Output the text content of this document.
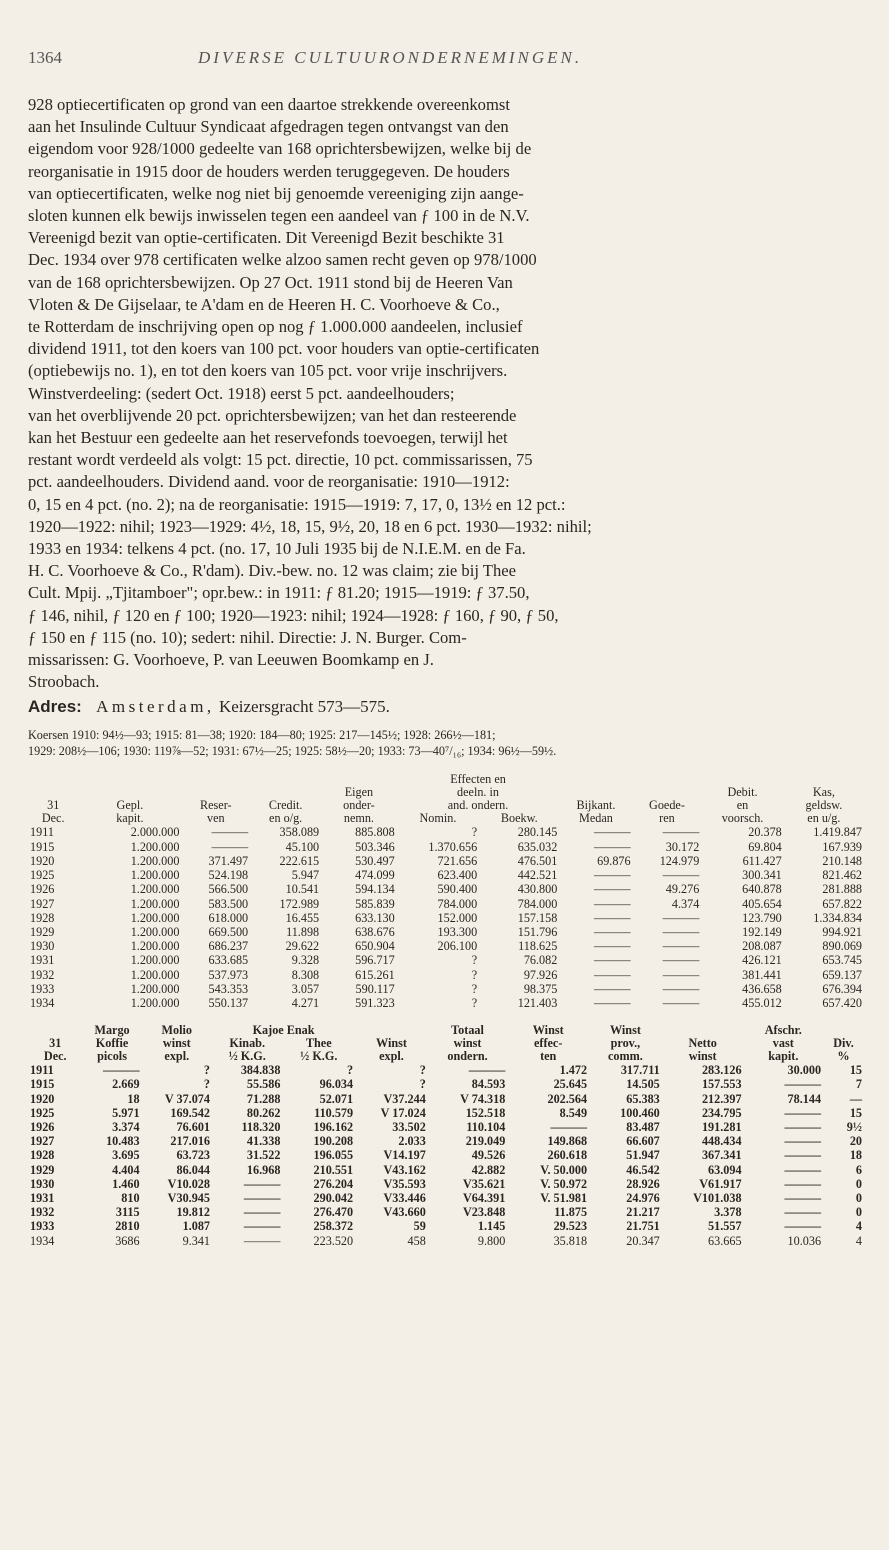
1364	DIVERSE CULTUURONDERNEMINGEN.
928 optiecertificaten op grond van een daartoe strekkende overeenkomst
aan het Insulinde Cultuur Syndicaat afgedragen tegen ontvangst van den
eigendom voor 928/1000 gedeelte van 168 oprichtersbewijzen, welke bij de
reorganisatie in 1915 door de houders werden teruggegeven. De houders
van optiecertificaten, welke nog niet bij genoemde vereeniging zijn aange-
sloten kunnen elk bewijs inwisselen tegen een aandeel van ƒ 100 in de N.V.
Vereenigd bezit van optie-certificaten. Dit Vereenigd Bezit beschikte 31
Dec. 1934 over 978 certificaten welke alzoo samen recht geven op 978/1000
van de 168 oprichtersbewijzen. Op 27 Oct. 1911 stond bij de Heeren Van
Vloten & De Gijselaar, te A'dam en de Heeren H. C. Voorhoeve & Co.,
te Rotterdam de inschrijving open op nog ƒ 1.000.000 aandeelen, inclusief
dividend 1911, tot den koers van 100 pct. voor houders van optie-certificaten
(optiebewijs no. 1), en tot den koers van 105 pct. voor vrije inschrijvers.
Winstverdeeling: (sedert Oct. 1918) eerst 5 pct. aandeelhouders;
van het overblijvende 20 pct. oprichtersbewijzen; van het dan resteerende
kan het Bestuur een gedeelte aan het reservefonds toevoegen, terwijl het
restant wordt verdeeld als volgt: 15 pct. directie, 10 pct. commissarissen, 75
pct. aandeelhouders. Dividend aand. voor de reorganisatie: 1910—1912:
0, 15 en 4 pct. (no. 2); na de reorganisatie: 1915—1919: 7, 17, 0, 13½ en 12 pct.:
1920—1922: nihil; 1923—1929: 4½, 18, 15, 9½, 20, 18 en 6 pct. 1930—1932: nihil;
1933 en 1934: telkens 4 pct. (no. 17, 10 Juli 1935 bij de N.I.E.M. en de Fa.
H. C. Voorhoeve & Co., R'dam). Div.-bew. no. 12 was claim; zie bij Thee
Cult. Mpij. „Tjitamboer"; opr.bew.: in 1911: ƒ 81.20; 1915—1919: ƒ 37.50,
ƒ 146, nihil, ƒ 120 en ƒ 100; 1920—1923: nihil; 1924—1928: ƒ 160, ƒ 90, ƒ 50,
ƒ 150 en ƒ 115 (no. 10); sedert: nihil. Directie: J. N. Burger. Com-
missarissen: G. Voorhoeve, P. van Leeuwen Boomkamp en J.
Stroobach.
Adres: Amsterdam, Keizersgracht 573—575.
Koersen 1910: 94½—93; 1915: 81—38; 1920: 184—80; 1925: 217—145½; 1928: 266½—181;
1929: 208½—106; 1930: 119⅞—52; 1931: 67½—25; 1925: 58½—20; 1933: 73—40⁷/₁₆; 1934: 96½—59½.
					Effecten en					
				Eigen	deeln. in				Debit.	Kas,
31	Gepl.	Reser-	Credit.	onder-	and. ondern.		Bijkant.	Goede-	en	geldsw.
Dec.	kapit.	ven	en o/g.	nemn.	Nomin.	Boekw.	Medan	ren	voorsch.	en u/g.
1911	2.000.000	———	358.089	885.808	?	280.145	———	———	20.378	1.419.847
1915	1.200.000	———	45.100	503.346	1.370.656	635.032	———	30.172	69.804	167.939
1920	1.200.000	371.497	222.615	530.497	721.656	476.501	69.876	124.979	611.427	210.148
1925	1.200.000	524.198	5.947	474.099	623.400	442.521	———	———	300.341	821.462
1926	1.200.000	566.500	10.541	594.134	590.400	430.800	———	49.276	640.878	281.888
1927	1.200.000	583.500	172.989	585.839	784.000	784.000	———	4.374	405.654	657.822
1928	1.200.000	618.000	16.455	633.130	152.000	157.158	———	———	123.790	1.334.834
1929	1.200.000	669.500	11.898	638.676	193.300	151.796	———	———	192.149	994.921
1930	1.200.000	686.237	29.622	650.904	206.100	118.625	———	———	208.087	890.069
1931	1.200.000	633.685	9.328	596.717	?	76.082	———	———	426.121	653.745
1932	1.200.000	537.973	8.308	615.261	?	97.926	———	———	381.441	659.137
1933	1.200.000	543.353	3.057	590.117	?	98.375	———	———	436.658	676.394
1934	1.200.000	550.137	4.271	591.323	?	121.403	———	———	455.012	657.420
	Margo	Molio	Kajoe Enak			Totaal	Winst	Winst		Afschr.	
31	Koffie	winst	Kinab.	Thee	Winst	winst	effec-	prov.,	Netto	vast	Div.
Dec.	picols	expl.	½ K.G.	½ K.G.	expl.	ondern.	ten	comm.	winst	kapit.	%
1911	———	?	384.838	?	?	———	1.472	317.711	283.126	30.000	15
1915	2.669	?	55.586	96.034	?	84.593	25.645	14.505	157.553	———	7
1920	18	V 37.074	71.288	52.071	V37.244	V 74.318	202.564	65.383	212.397	78.144	—
1925	5.971	169.542	80.262	110.579	V 17.024	152.518	8.549	100.460	234.795	———	15
1926	3.374	76.601	118.320	196.162	33.502	110.104	———	83.487	191.281	———	9½
1927	10.483	217.016	41.338	190.208	2.033	219.049	149.868	66.607	448.434	———	20
1928	3.695	63.723	31.522	196.055	V14.197	49.526	260.618	51.947	367.341	———	18
1929	4.404	86.044	16.968	210.551	V43.162	42.882	V. 50.000	46.542	63.094	———	6
1930	1.460	V10.028	———	276.204	V35.593	V35.621	V. 50.972	28.926	V61.917	———	0
1931	810	V30.945	———	290.042	V33.446	V64.391	V. 51.981	24.976	V101.038	———	0
1932	3115	19.812	———	276.470	V43.660	V23.848	11.875	21.217	3.378	———	0
1933	2810	1.087	———	258.372	59	1.145	29.523	21.751	51.557	———	4
1934	3686	9.341	———	223.520	458	9.800	35.818	20.347	63.665	10.036	4
